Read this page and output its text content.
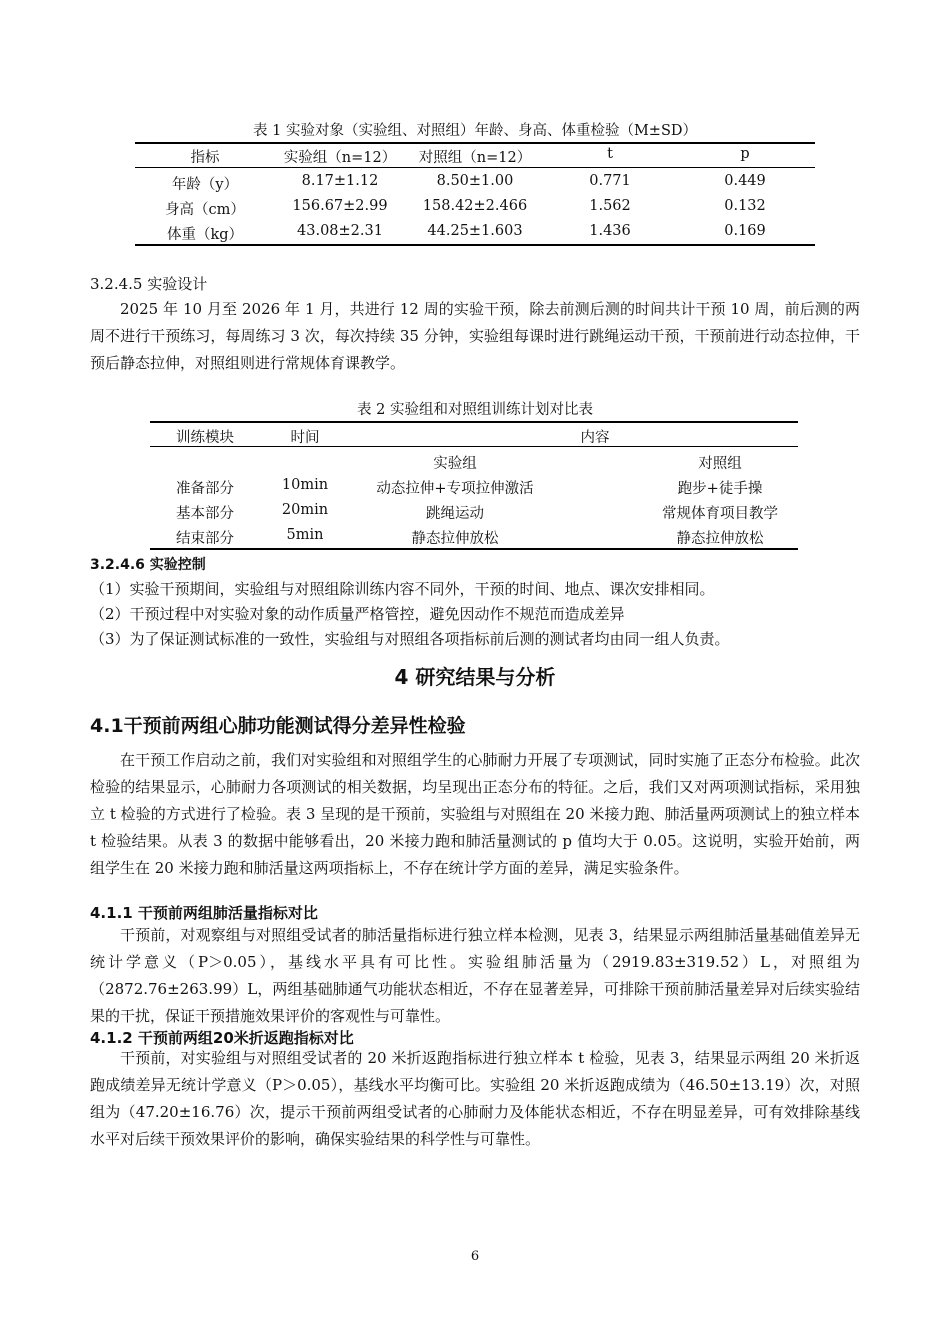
表 1 实验对象（实验组、对照组）年龄、身高、体重检验（M±SD）
指标	实验组（n=12）	对照组（n=12）	t	p
年龄（y）	8.17±1.12	8.50±1.00	0.771	0.449
身高（cm）	156.67±2.99	158.42±2.466	1.562	0.132
体重（kg）	43.08±2.31	44.25±1.603	1.436	0.169
3.2.4.5 实验设计
2025 年 10 月至 2026 年 1 月，共进行 12 周的实验干预，除去前测后测的时间共计干预 10 周，前后测的两周不进行干预练习，每周练习 3 次，每次持续 35 分钟，实验组每课时进行跳绳运动干预，干预前进行动态拉伸，干预后静态拉伸，对照组则进行常规体育课教学。
表 2 实验组和对照组训练计划对比表
训练模块	时间	内容
实验组	对照组
准备部分	10min	动态拉伸+专项拉伸激活	跑步+徒手操
基本部分	20min	跳绳运动	常规体育项目教学
结束部分	5min	静态拉伸放松	静态拉伸放松
3.2.4.6 实验控制
（1）实验干预期间，实验组与对照组除训练内容不同外，干预的时间、地点、课次安排相同。
（2）干预过程中对实验对象的动作质量严格管控，避免因动作不规范而造成差异
（3）为了保证测试标准的一致性，实验组与对照组各项指标前后测的测试者均由同一组人负责。
4 研究结果与分析
4.1干预前两组心肺功能测试得分差异性检验
在干预工作启动之前，我们对实验组和对照组学生的心肺耐力开展了专项测试，同时实施了正态分布检验。此次检验的结果显示，心肺耐力各项测试的相关数据，均呈现出正态分布的特征。之后，我们又对两项测试指标，采用独立 t 检验的方式进行了检验。表 3 呈现的是干预前，实验组与对照组在 20 米接力跑、肺活量两项测试上的独立样本 t 检验结果。从表 3 的数据中能够看出，20 米接力跑和肺活量测试的 p 值均大于 0.05。这说明，实验开始前，两组学生在 20 米接力跑和肺活量这两项指标上，不存在统计学方面的差异，满足实验条件。
4.1.1 干预前两组肺活量指标对比
干预前，对观察组与对照组受试者的肺活量指标进行独立样本检测，见表 3，结果显示两组肺活量基础值差异无统计学意义（P＞0.05），基线水平具有可比性。实验组肺活量为（2919.83±319.52）L，对照组为（2872.76±263.99）L，两组基础肺通气功能状态相近，不存在显著差异，可排除干预前肺活量差异对后续实验结果的干扰，保证干预措施效果评价的客观性与可靠性。
4.1.2 干预前两组20米折返跑指标对比
干预前，对实验组与对照组受试者的 20 米折返跑指标进行独立样本 t 检验，见表 3，结果显示两组 20 米折返跑成绩差异无统计学意义（P＞0.05），基线水平均衡可比。实验组 20 米折返跑成绩为（46.50±13.19）次，对照组为（47.20±16.76）次，提示干预前两组受试者的心肺耐力及体能状态相近，不存在明显差异，可有效排除基线水平对后续干预效果评价的影响，确保实验结果的科学性与可靠性。
6
